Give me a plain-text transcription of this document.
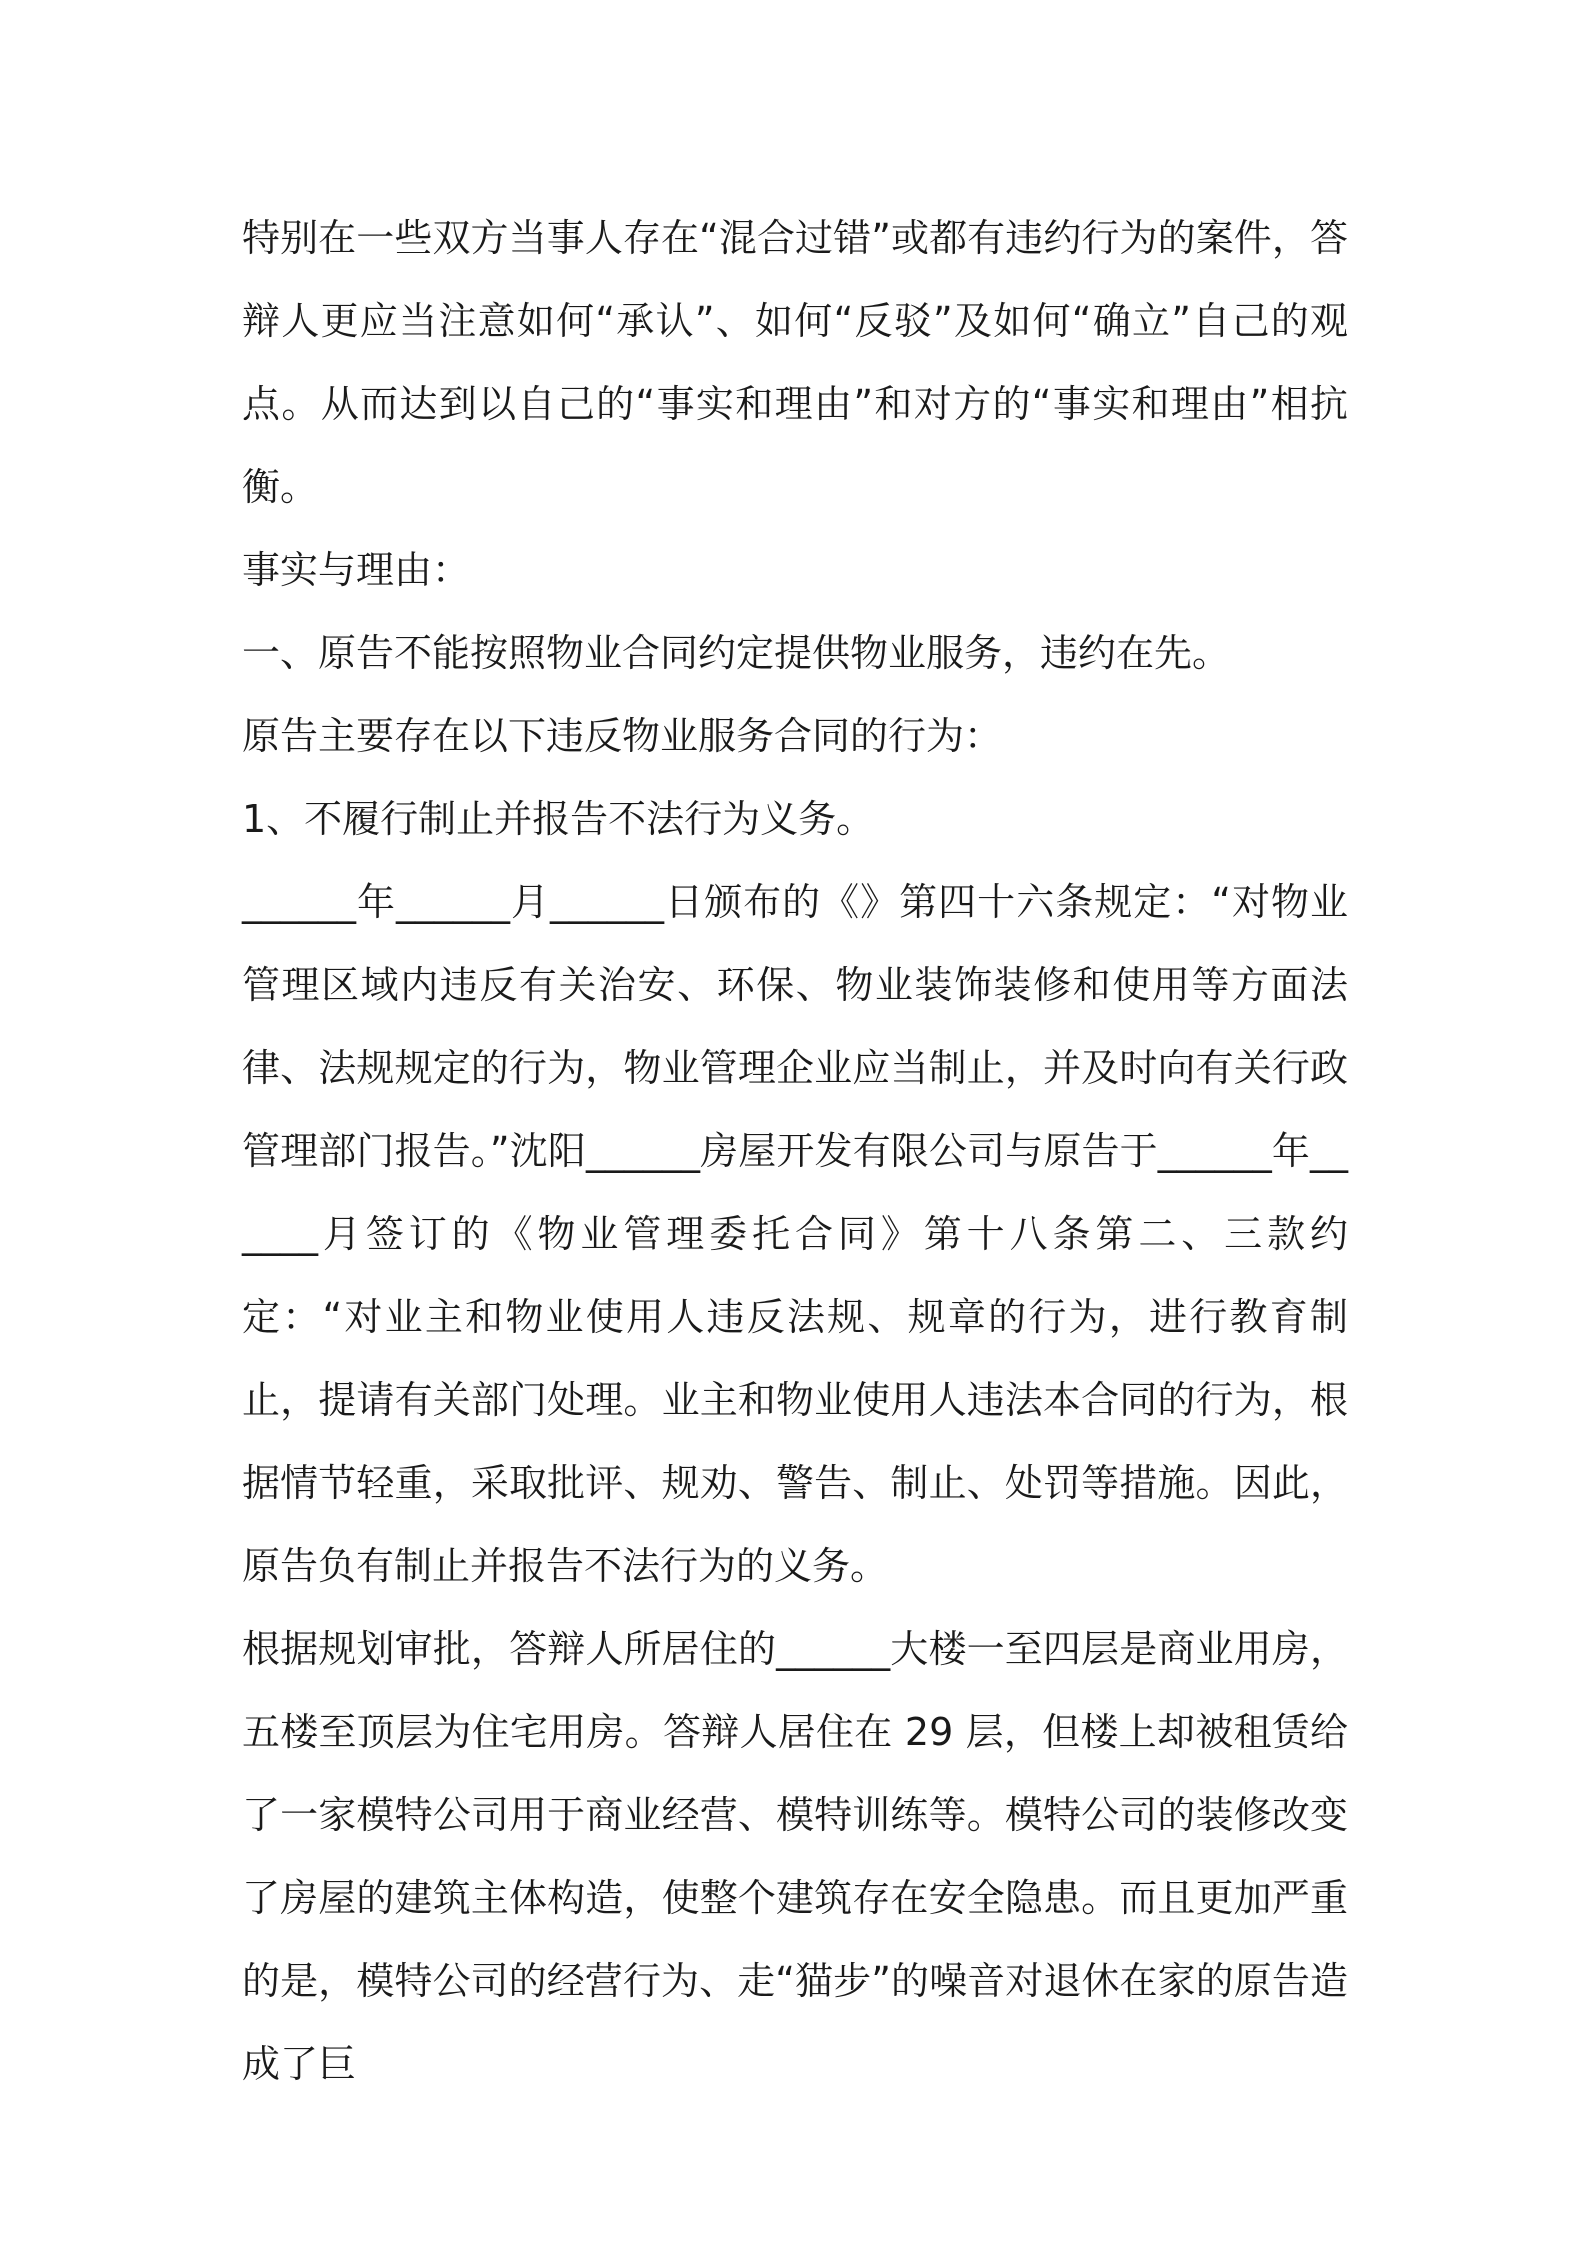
特别在一些双方当事人存在“混合过错”或都有违约行为的案件，答辩人更应当注意如何“承认”、如何“反驳”及如何“确立”自己的观点。从而达到以自己的“事实和理由”和对方的“事实和理由”相抗衡。

事实与理由：

一、原告不能按照物业合同约定提供物业服务，违约在先。

原告主要存在以下违反物业服务合同的行为：

1、不履行制止并报告不法行为义务。

______年______月______日颁布的《》第四十六条规定：“对物业管理区域内违反有关治安、环保、物业装饰装修和使用等方面法律、法规规定的行为，物业管理企业应当制止，并及时向有关行政管理部门报告。”沈阳______房屋开发有限公司与原告于______年______月签订的《物业管理委托合同》第十八条第二、三款约定：“对业主和物业使用人违反法规、规章的行为，进行教育制止，提请有关部门处理。业主和物业使用人违法本合同的行为，根据情节轻重，采取批评、规劝、警告、制止、处罚等措施。因此，原告负有制止并报告不法行为的义务。

根据规划审批，答辩人所居住的______大楼一至四层是商业用房，五楼至顶层为住宅用房。答辩人居住在 29 层，但楼上却被租赁给了一家模特公司用于商业经营、模特训练等。模特公司的装修改变了房屋的建筑主体构造，使整个建筑存在安全隐患。而且更加严重的是，模特公司的经营行为、走“猫步”的噪音对退休在家的原告造成了巨
